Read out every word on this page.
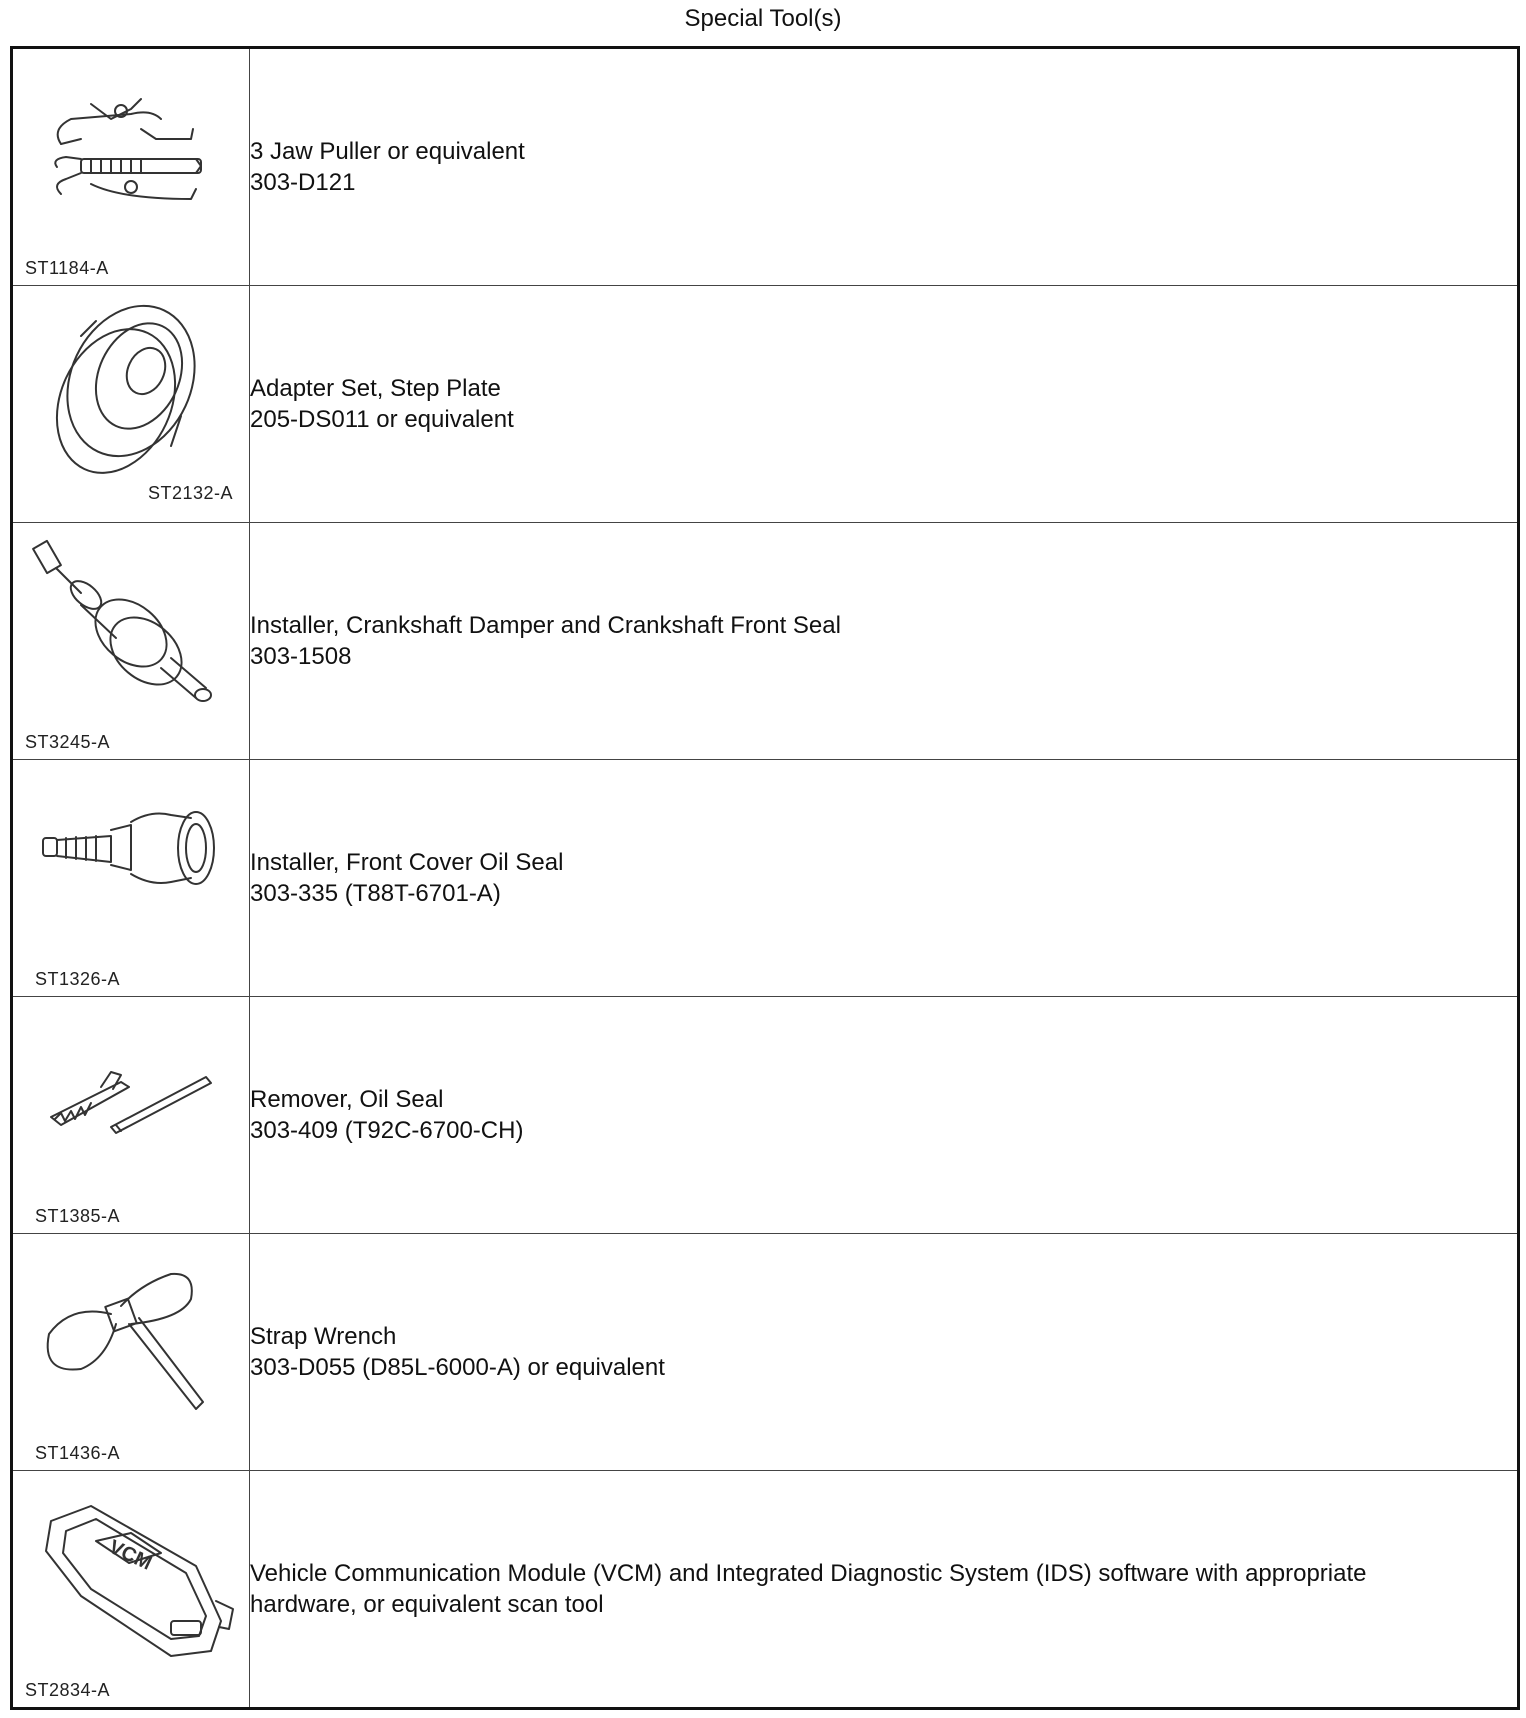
Special Tool(s)
ST1184-A	3 Jaw Puller or equivalent
303-D121

ST2132-A	Adapter Set, Step Plate
205-DS011 or equivalent

ST3245-A	Installer, Crankshaft Damper and Crankshaft Front Seal
303-1508

ST1326-A	Installer, Front Cover Oil Seal
303-335 (T88T-6701-A)

ST1385-A	Remover, Oil Seal
303-409 (T92C-6700-CH)

ST1436-A	Strap Wrench
303-D055 (D85L-6000-A) or equivalent

VCM
ST2834-A	Vehicle Communication Module (VCM) and Integrated Diagnostic System (IDS) software with appropriate
hardware, or equivalent scan tool
